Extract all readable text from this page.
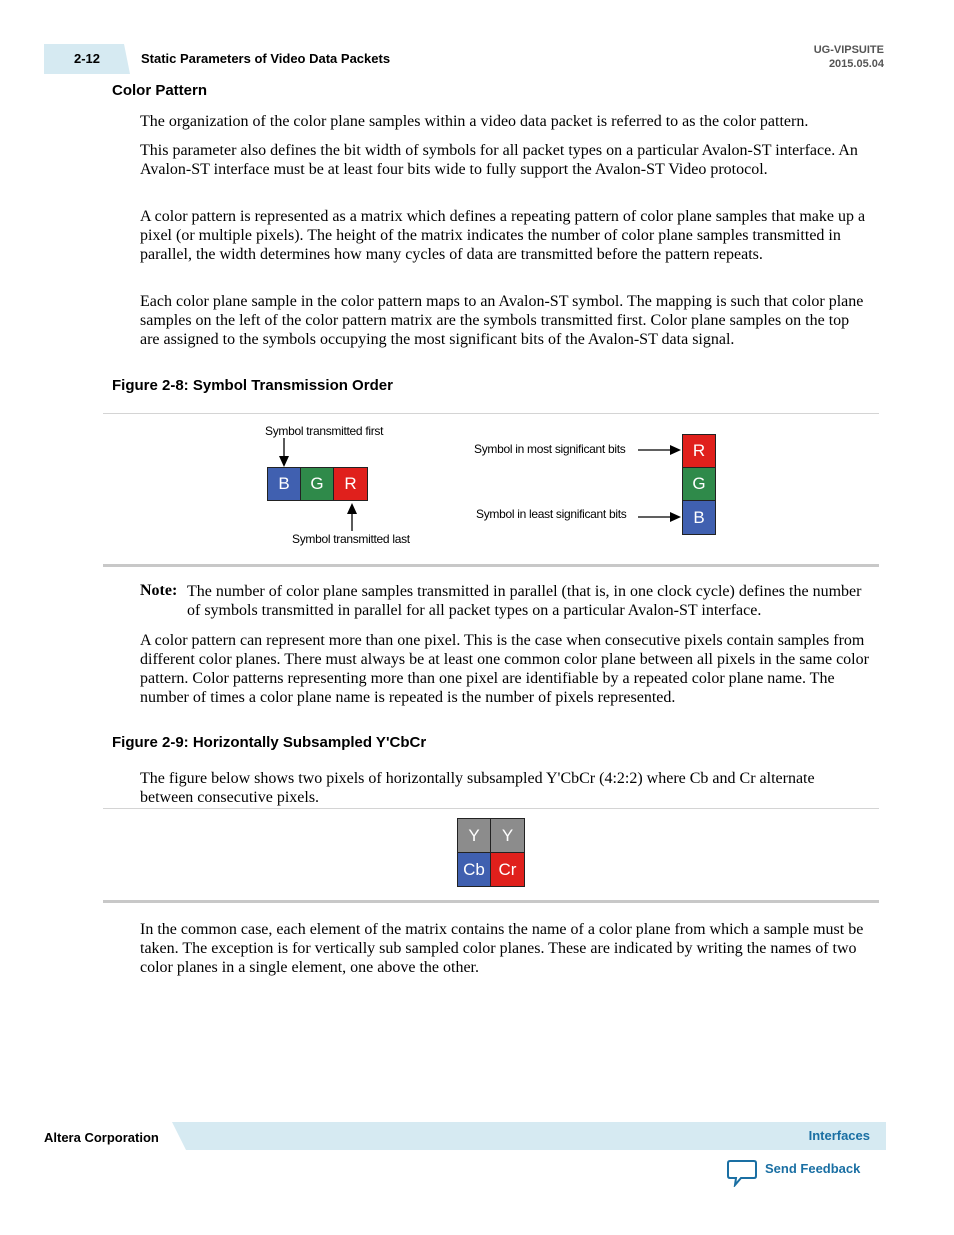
2-12	Static Parameters of Video Data Packets
UG-VIPSUITE
2015.05.04
Color Pattern

The organization of the color plane samples within a video data packet is referred to as the color pattern.

This parameter also defines the bit width of symbols for all packet types on a particular Avalon-ST interface. An Avalon-ST interface must be at least four bits wide to fully support the Avalon-ST Video protocol.

A color pattern is represented as a matrix which defines a repeating pattern of color plane samples that make up a pixel (or multiple pixels). The height of the matrix indicates the number of color plane samples transmitted in parallel, the width determines how many cycles of data are transmitted before the pattern repeats.

Each color plane sample in the color pattern maps to an Avalon-ST symbol. The mapping is such that color plane samples on the left of the color pattern matrix are the symbols transmitted first. Color plane samples on the top are assigned to the symbols occupying the most significant bits of the Avalon-ST data signal.

Figure 2-8: Symbol Transmission Order
Symbol transmitted first
Symbol transmitted last
Symbol in most significant bits
Symbol in least significant bits
B	G	R
R
G
B
Note: The number of color plane samples transmitted in parallel (that is, in one clock cycle) defines the number of symbols transmitted in parallel for all packet types on a particular Avalon-ST interface.

A color pattern can represent more than one pixel. This is the case when consecutive pixels contain samples from different color planes. There must always be at least one common color plane between all pixels in the same color pattern. Color patterns representing more than one pixel are identifiable by a repeated color plane name. The number of times a color plane name is repeated is the number of pixels represented.

Figure 2-9: Horizontally Subsampled Y'CbCr

The figure below shows two pixels of horizontally subsampled Y'CbCr (4:2:2) where Cb and Cr alternate between consecutive pixels.

Y	Y
Cb Cr

In the common case, each element of the matrix contains the name of a color plane from which a sample must be taken. The exception is for vertically sub sampled color planes. These are indicated by writing the names of two color planes in a single element, one above the other.

Altera Corporation	Interfaces
Send Feedback
